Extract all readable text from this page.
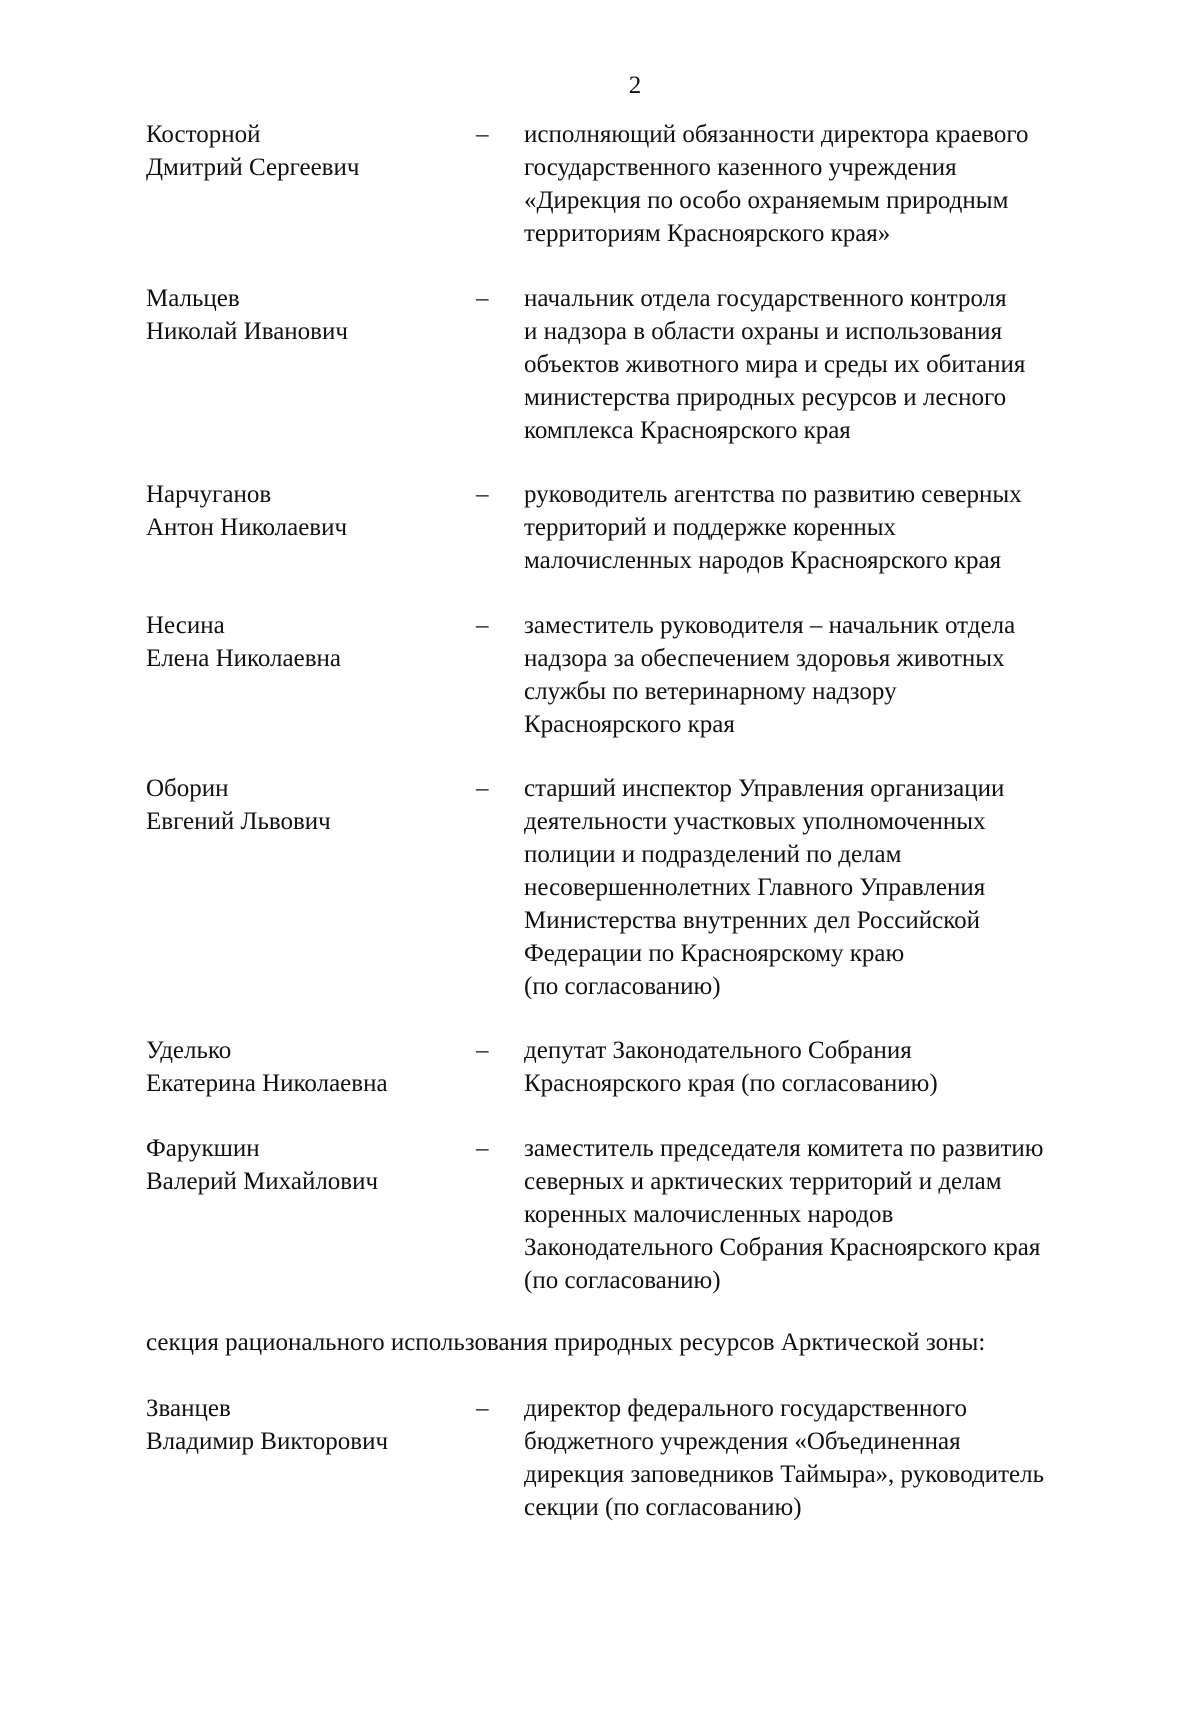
2
Косторной
Дмитрий Сергеевич
– исполняющий обязанности директора краевого
государственного казенного учреждения
«Дирекция по особо охраняемым природным
территориям Красноярского края»
Мальцев
Николай Иванович
– начальник отдела государственного контроля
и надзора в области охраны и использования
объектов животного мира и среды их обитания
министерства природных ресурсов и лесного
комплекса Красноярского края
Нарчуганов
Антон Николаевич
– руководитель агентства по развитию северных
территорий и поддержке коренных
малочисленных народов Красноярского края
Несина
Елена Николаевна
– заместитель руководителя – начальник отдела
надзора за обеспечением здоровья животных
службы по ветеринарному надзору
Красноярского края
Оборин
Евгений Львович
– старший инспектор Управления организации
деятельности участковых уполномоченных
полиции и подразделений по делам
несовершеннолетних Главного Управления
Министерства внутренних дел Российской
Федерации по Красноярскому краю
(по согласованию)
Уделько
Екатерина Николаевна
– депутат Законодательного Собрания
Красноярского края (по согласованию)
Фарукшин
Валерий Михайлович
– заместитель председателя комитета по развитию
северных и арктических территорий и делам
коренных малочисленных народов
Законодательного Собрания Красноярского края
(по согласованию)
секция рационального использования природных ресурсов Арктической зоны:
Званцев
Владимир Викторович
– директор федерального государственного
бюджетного учреждения «Объединенная
дирекция заповедников Таймыра», руководитель
секции (по согласованию)
